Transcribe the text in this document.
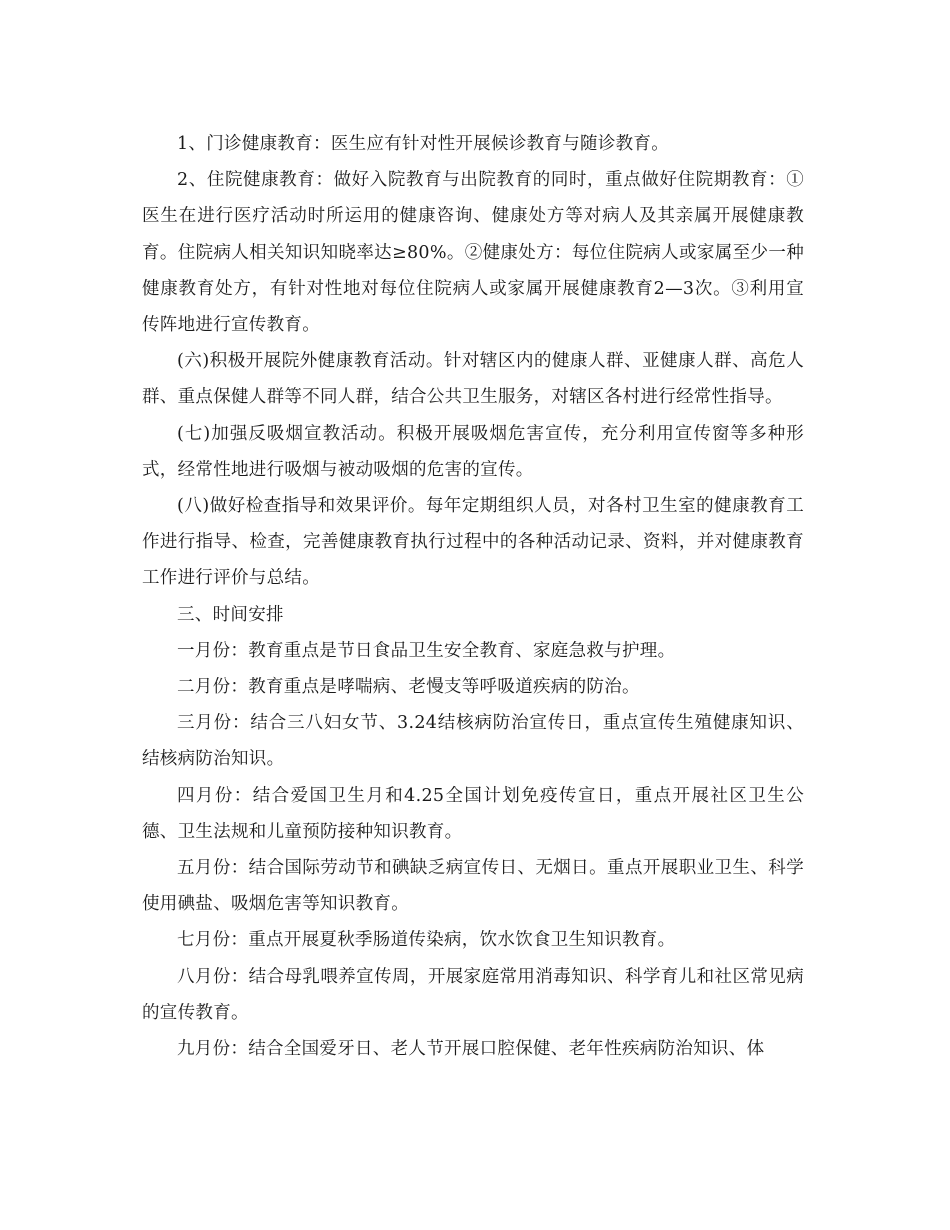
1、门诊健康教育：医生应有针对性开展候诊教育与随诊教育。

2、住院健康教育：做好入院教育与出院教育的同时，重点做好住院期教育：①医生在进行医疗活动时所运用的健康咨询、健康处方等对病人及其亲属开展健康教育。住院病人相关知识知晓率达≥80%。②健康处方：每位住院病人或家属至少一种健康教育处方，有针对性地对每位住院病人或家属开展健康教育2—3次。③利用宣传阵地进行宣传教育。

(六)积极开展院外健康教育活动。针对辖区内的健康人群、亚健康人群、高危人群、重点保健人群等不同人群，结合公共卫生服务，对辖区各村进行经常性指导。

(七)加强反吸烟宣教活动。积极开展吸烟危害宣传，充分利用宣传窗等多种形式，经常性地进行吸烟与被动吸烟的危害的宣传。

(八)做好检查指导和效果评价。每年定期组织人员，对各村卫生室的健康教育工作进行指导、检查，完善健康教育执行过程中的各种活动记录、资料，并对健康教育工作进行评价与总结。

三、时间安排

一月份：教育重点是节日食品卫生安全教育、家庭急救与护理。

二月份：教育重点是哮喘病、老慢支等呼吸道疾病的防治。

三月份：结合三八妇女节、3.24结核病防治宣传日，重点宣传生殖健康知识、结核病防治知识。

四月份：结合爱国卫生月和4.25全国计划免疫传宣日，重点开展社区卫生公德、卫生法规和儿童预防接种知识教育。

五月份：结合国际劳动节和碘缺乏病宣传日、无烟日。重点开展职业卫生、科学使用碘盐、吸烟危害等知识教育。

七月份：重点开展夏秋季肠道传染病，饮水饮食卫生知识教育。

八月份：结合母乳喂养宣传周，开展家庭常用消毒知识、科学育儿和社区常见病的宣传教育。

九月份：结合全国爱牙日、老人节开展口腔保健、老年性疾病防治知识、体
